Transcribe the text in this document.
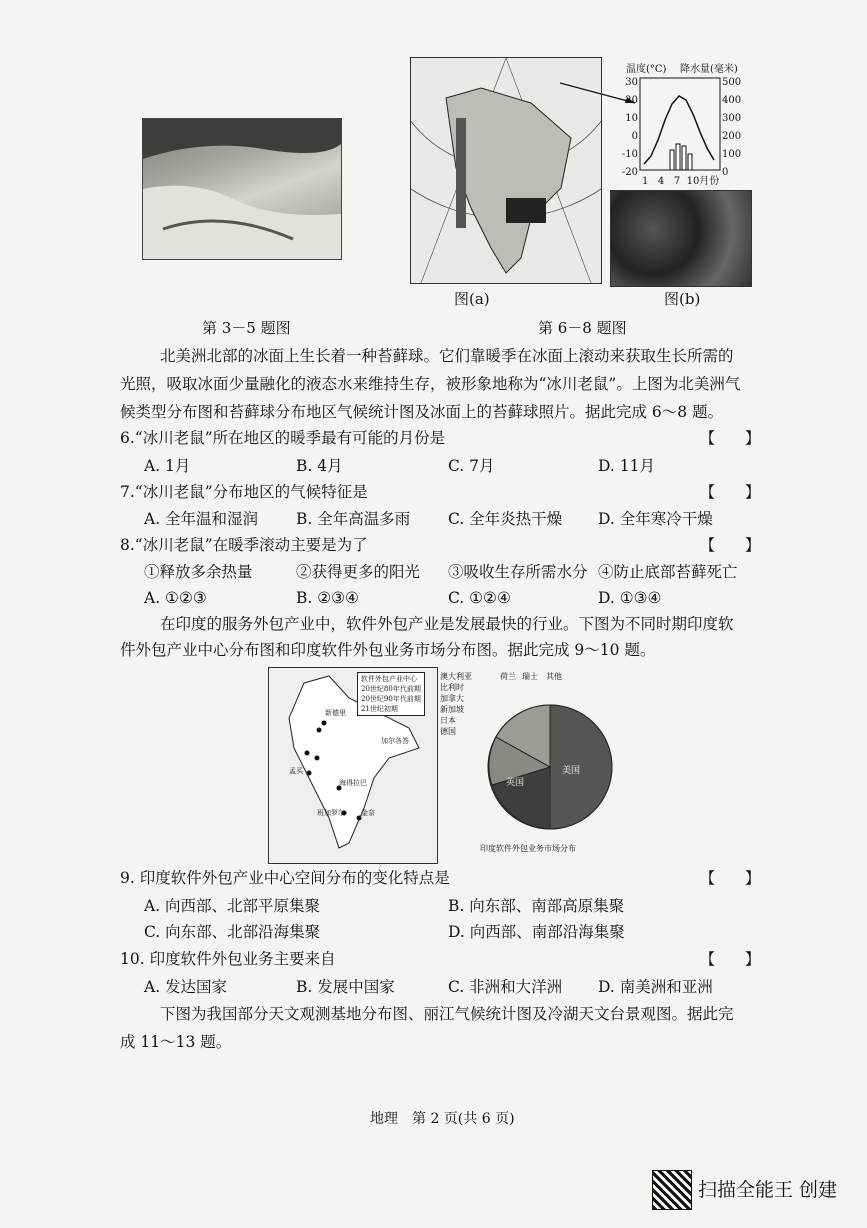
温度(°C) 降水量(毫米)
30
20
10
0
-10
-20
500
400
300
200
100
0
1 4 7 10月份
图(a)	图(b)
第 3－5 题图	第 6－8 题图
北美洲北部的冰面上生长着一种苔藓球。它们靠暖季在冰面上滚动来获取生长所需的
光照，吸取冰面少量融化的液态水来维持生存，被形象地称为“冰川老鼠”。上图为北美洲气
候类型分布图和苔藓球分布地区气候统计图及冰面上的苔藓球照片。据此完成 6～8 题。
6.“冰川老鼠”所在地区的暖季最有可能的月份是	【　　】
A. 1月	B. 4月	C. 7月	D. 11月
7.“冰川老鼠”分布地区的气候特征是	【　　】
A. 全年温和湿润 B. 全年高温多雨 C. 全年炎热干燥 D. 全年寒冷干燥
8.“冰川老鼠”在暖季滚动主要是为了	【　　】
①释放多余热量	②获得更多的阳光 ③吸收生存所需水分 ④防止底部苔藓死亡
A. ①②③	B. ②③④	C. ①②④	D. ①③④
在印度的服务外包产业中，软件外包产业是发展最快的行业。下图为不同时期印度软
件外包产业中心分布图和印度软件外包业务市场分布图。据此完成 9～10 题。
软件外包产业中心
20世纪80年代前期
20世纪90年代前期
21世纪初期
新德里
加尔各答
孟买
海得拉巴
班加罗尔 金奈
澳大利亚
比利时
加拿大
新加坡
日本
德国
荷兰 瑞士 其他
英国
美国
印度软件外包业务市场分布
9. 印度软件外包产业中心空间分布的变化特点是	【　　】
A. 向西部、北部平原集聚	B. 向东部、南部高原集聚
C. 向东部、北部沿海集聚	D. 向西部、南部沿海集聚
10. 印度软件外包业务主要来自	【　　】
A. 发达国家	B. 发展中国家	C. 非洲和大洋洲 D. 南美洲和亚洲
下图为我国部分天文观测基地分布图、丽江气候统计图及冷湖天文台景观图。据此完
成 11～13 题。
地理　第 2 页(共 6 页)
扫描全能王 创建
